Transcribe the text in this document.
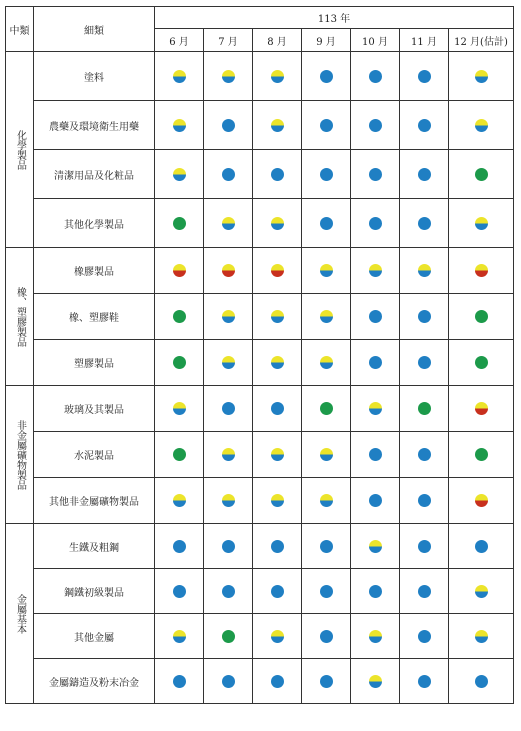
中類	細類	113 年						
		6 月	7 月	8 月	9 月	10 月	11 月	12 月(估計)

化學製品	塗料							
	農藥及環境衛生用藥							
	清潔用品及化粧品							
	其他化學製品							

橡、塑膠製品	橡膠製品							
	橡、塑膠鞋							
	塑膠製品							

非金屬礦物製品	玻璃及其製品							
	水泥製品							
	其他非金屬礦物製品							

金屬基本	生鐵及粗鋼							
	鋼鐵初級製品							
	其他金屬							
	金屬鑄造及粉末冶金							
